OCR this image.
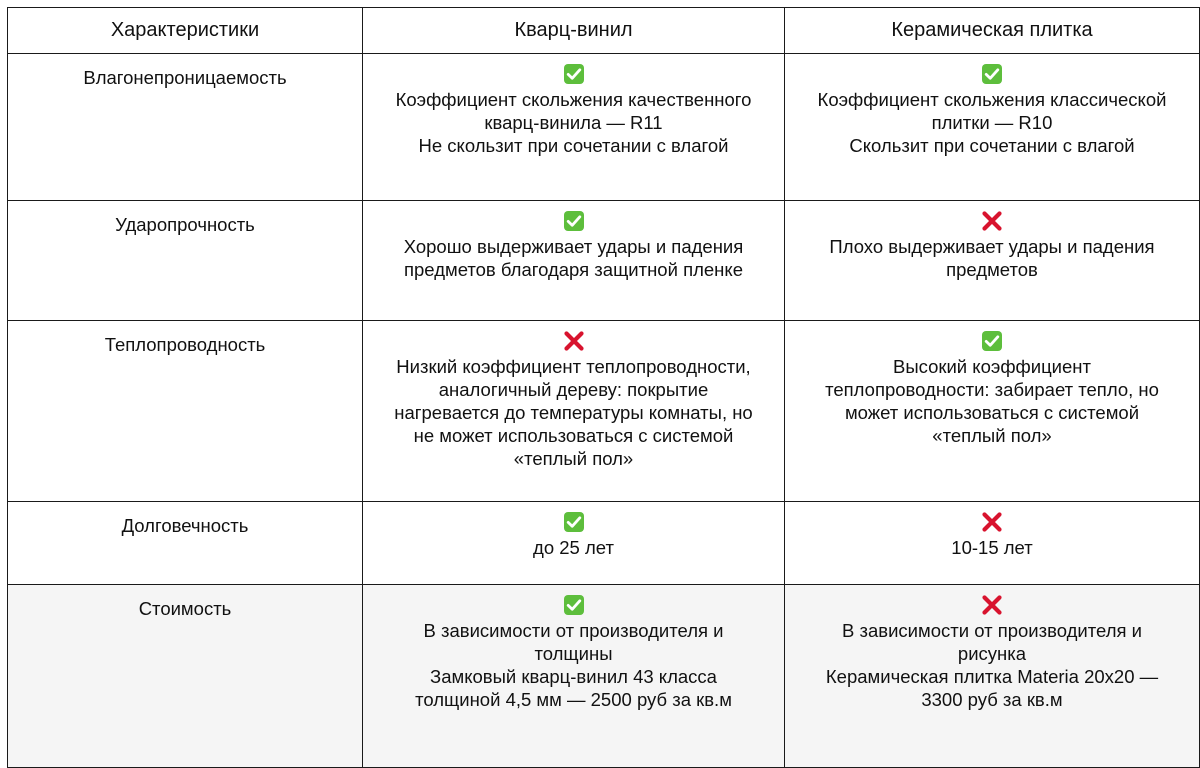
Характеристики	Кварц-винил	Керамическая плитка
Влагонепроницаемость	Коэффициент скольжения качественного
кварц-винила — R11
Не скользит при сочетании с влагой	Коэффициент скольжения классической
плитки — R10
Скользит при сочетании с влагой

Ударопрочность	Хорошо выдерживает удары и падения
предметов благодаря защитной пленке	Плохо выдерживает удары и падения
предметов

Теплопроводность	Низкий коэффициент теплопроводности,
аналогичный дереву: покрытие
нагревается до температуры комнаты, но
не может использоваться с системой
«теплый пол»	Высокий коэффициент
теплопроводности: забирает тепло, но
может использоваться с системой
«теплый пол»

Долговечность	до 25 лет	10-15 лет

Стоимость	В зависимости от производителя и
толщины
Замковый кварц-винил 43 класса
толщиной 4,5 мм — 2500 руб за кв.м	В зависимости от производителя и
рисунка
Керамическая плитка Materia 20x20 —
3300 руб за кв.м
